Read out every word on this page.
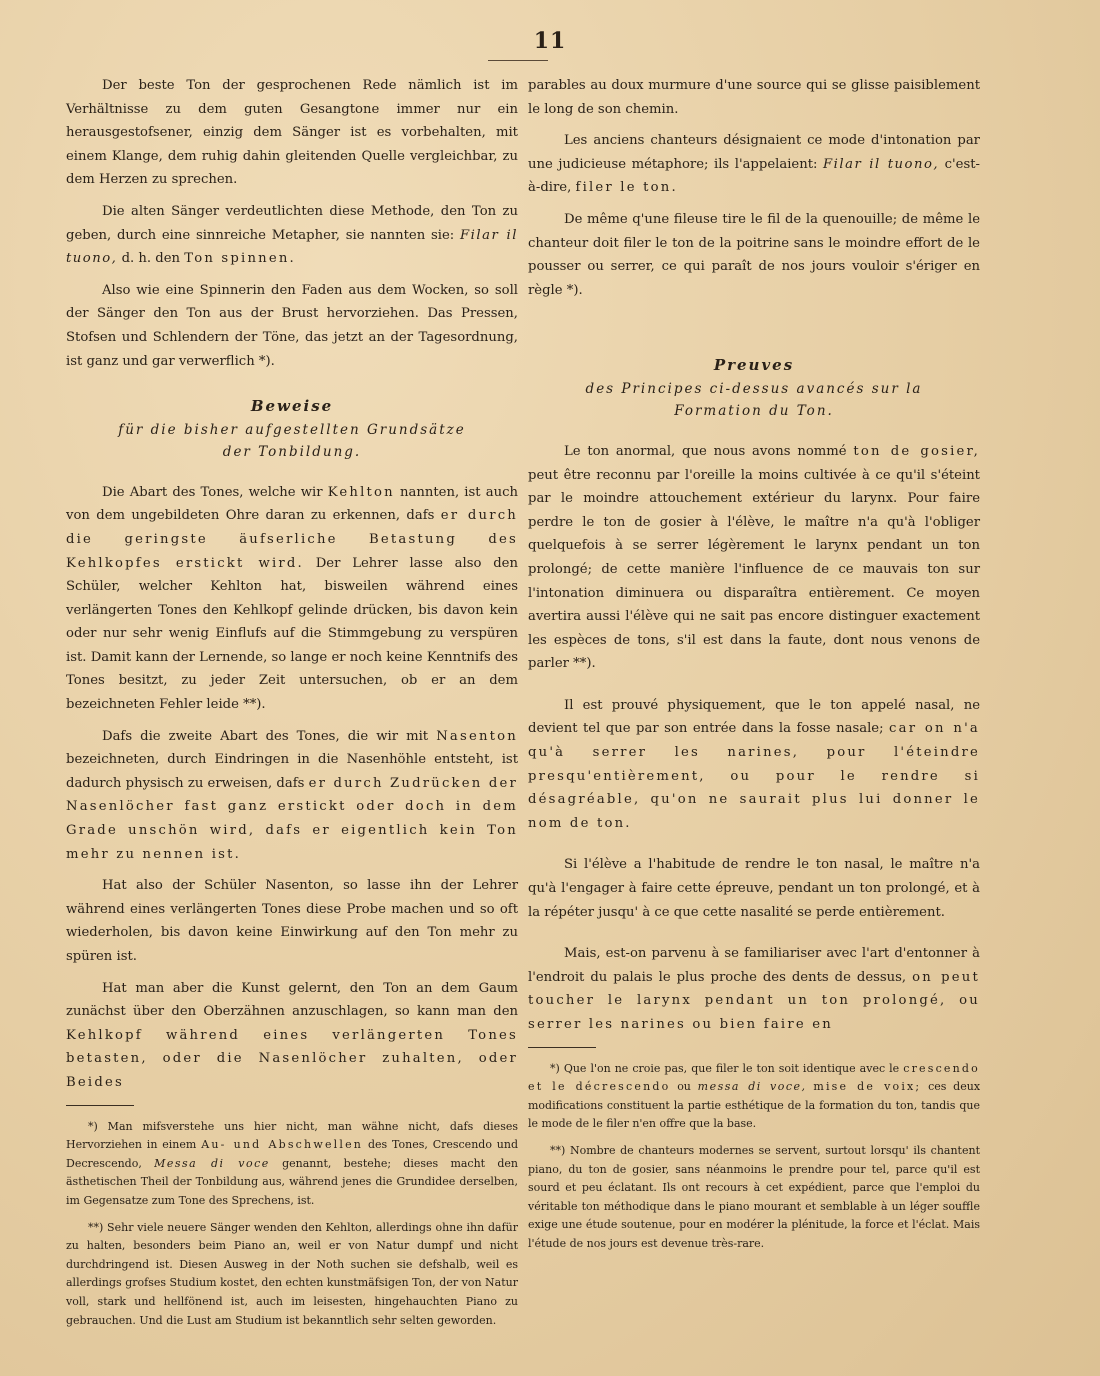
11

Der beste Ton der gesprochenen Rede nämlich ist im Verhältnisse zu dem guten Gesangtone immer nur ein herausgestofsener, einzig dem Sänger ist es vorbehalten, mit einem Klange, dem ruhig dahin gleitenden Quelle vergleichbar, zu dem Herzen zu sprechen.

Die alten Sänger verdeutlichten diese Methode, den Ton zu geben, durch eine sinnreiche Metapher, sie nannten sie: Filar il tuono, d. h. den Ton spinnen.

Also wie eine Spinnerin den Faden aus dem Wocken, so soll der Sänger den Ton aus der Brust hervorziehen. Das Pressen, Stofsen und Schlendern der Töne, das jetzt an der Tagesordnung, ist ganz und gar verwerflich *).

Beweise
für die bisher aufgestellten Grundsätze
der Tonbildung.

Die Abart des Tones, welche wir Kehlton nannten, ist auch von dem ungebildeten Ohre daran zu erkennen, dafs er durch die geringste äufserliche Betastung des Kehlkopfes erstickt wird. Der Lehrer lasse also den Schüler, welcher Kehlton hat, bisweilen während eines verlängerten Tones den Kehlkopf gelinde drücken, bis davon kein oder nur sehr wenig Einflufs auf die Stimmgebung zu verspüren ist. Damit kann der Lernende, so lange er noch keine Kenntnifs des Tones besitzt, zu jeder Zeit untersuchen, ob er an dem bezeichneten Fehler leide **).

Dafs die zweite Abart des Tones, die wir mit Nasenton bezeichneten, durch Eindringen in die Nasenhöhle entsteht, ist dadurch physisch zu erweisen, dafs er durch Zudrücken der Nasenlöcher fast ganz erstickt oder doch in dem Grade unschön wird, dafs er eigentlich kein Ton mehr zu nennen ist.

Hat also der Schüler Nasenton, so lasse ihn der Lehrer während eines verlängerten Tones diese Probe machen und so oft wiederholen, bis davon keine Einwirkung auf den Ton mehr zu spüren ist.

Hat man aber die Kunst gelernt, den Ton an dem Gaum zunächst über den Oberzähnen anzuschlagen, so kann man den Kehlkopf während eines verlängerten Tones betasten, oder die Nasenlöcher zuhalten, oder Beides

*) Man mifsverstehe uns hier nicht, man wähne nicht, dafs dieses Hervorziehen in einem Au- und Abschwellen des Tones, Crescendo und Decrescendo, Messa di voce genannt, bestehe; dieses macht den ästhetischen Theil der Tonbildung aus, während jenes die Grundidee derselben, im Gegensatze zum Tone des Sprechens, ist.

**) Sehr viele neuere Sänger wenden den Kehlton, allerdings ohne ihn dafür zu halten, besonders beim Piano an, weil er von Natur dumpf und nicht durchdringend ist. Diesen Ausweg in der Noth suchen sie defshalb, weil es allerdings grofses Studium kostet, den echten kunstmäfsigen Ton, der von Natur voll, stark und hellfönend ist, auch im leisesten, hingehauchten Piano zu gebrauchen. Und die Lust am Studium ist bekanntlich sehr selten geworden.

parables au doux murmure d'une source qui se glisse paisiblement le long de son chemin.

Les anciens chanteurs désignaient ce mode d'intonation par une judicieuse métaphore; ils l'appelaient: Filar il tuono, c'est-à-dire, filer le ton.

De même q'une fileuse tire le fil de la quenouille; de même le chanteur doit filer le ton de la poitrine sans le moindre effort de le pousser ou serrer, ce qui paraît de nos jours vouloir s'ériger en règle *).

Preuves
des Principes ci-dessus avancés sur la
Formation du Ton.

Le ton anormal, que nous avons nommé ton de gosier, peut être reconnu par l'oreille la moins cultivée à ce qu'il s'éteint par le moindre attouchement extérieur du larynx. Pour faire perdre le ton de gosier à l'élève, le maître n'a qu'à l'obliger quelquefois à se serrer légèrement le larynx pendant un ton prolongé; de cette manière l'influence de ce mauvais ton sur l'intonation diminuera ou disparaîtra entièrement. Ce moyen avertira aussi l'élève qui ne sait pas encore distinguer exactement les espèces de tons, s'il est dans la faute, dont nous venons de parler **).

Il est prouvé physiquement, que le ton appelé nasal, ne devient tel que par son entrée dans la fosse nasale; car on n'a qu'à serrer les narines, pour l'éteindre presqu'entièrement, ou pour le rendre si désagréable, qu'on ne saurait plus lui donner le nom de ton.

Si l'élève a l'habitude de rendre le ton nasal, le maître n'a qu'à l'engager à faire cette épreuve, pendant un ton prolongé, et à la répéter jusqu' à ce que cette nasalité se perde entièrement.

Mais, est-on parvenu à se familiariser avec l'art d'entonner à l'endroit du palais le plus proche des dents de dessus, on peut toucher le larynx pendant un ton prolongé, ou serrer les narines ou bien faire en

*) Que l'on ne croie pas, que filer le ton soit identique avec le crescendo et le décrescendo ou messa di voce, mise de voix; ces deux modifications constituent la partie esthétique de la formation du ton, tandis que le mode de le filer n'en offre que la base.

**) Nombre de chanteurs modernes se servent, surtout lorsqu' ils chantent piano, du ton de gosier, sans néanmoins le prendre pour tel, parce qu'il est sourd et peu éclatant. Ils ont recours à cet expédient, parce que l'emploi du véritable ton méthodique dans le piano mourant et semblable à un léger souffle exige une étude soutenue, pour en modérer la plénitude, la force et l'éclat. Mais l'étude de nos jours est devenue très-rare.
